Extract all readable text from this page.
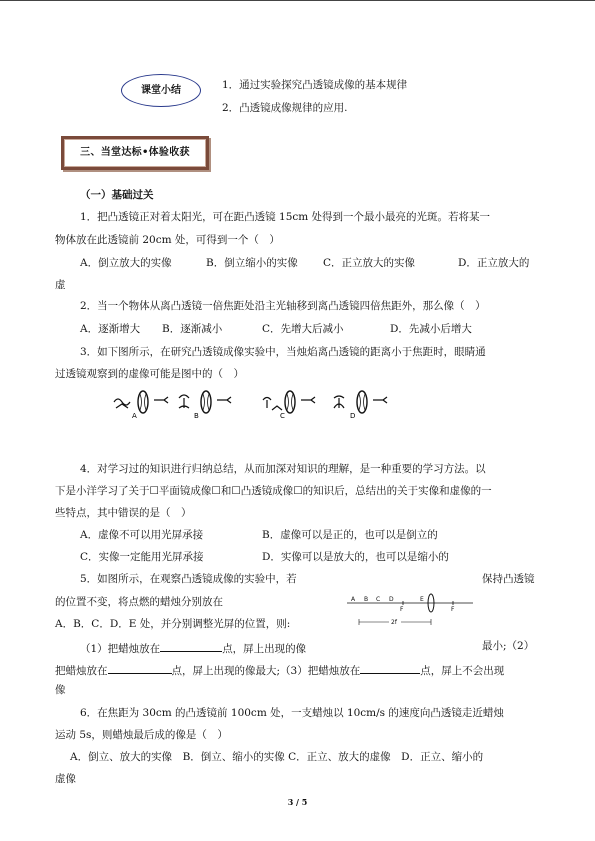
课堂小结	1．通过实验探究凸透镜成像的基本规律
2．凸透镜成像规律的应用.
三、当堂达标•体验收获
（一）基础过关
1．把凸透镜正对着太阳光，可在距凸透镜 15cm 处得到一个最小最亮的光斑。若将某一
物体放在此透镜前 20cm 处，可得到一个（　）
A．倒立放大的实像	B．倒立缩小的实像 C．正立放大的实像	D．正立放大的
虚
2．当一个物体从离凸透镜一倍焦距处沿主光轴移到离凸透镜四倍焦距外，那么像（　）
A．逐渐增大 B．逐渐减小	C．先增大后减小	D．先减小后增大
3．如下图所示，在研究凸透镜成像实验中，当烛焰离凸透镜的距离小于焦距时，眼睛通
过透镜观察到的虚像可能是图中的（　）
A	B	C	D
4．对学习过的知识进行归纳总结，从而加深对知识的理解，是一种重要的学习方法。以
下是小洋学习了关于☐平面镜成像☐和☐凸透镜成像☐的知识后，总结出的关于实像和虚像的一
些特点，其中错误的是（　）
A．虚像不可以用光屏承接	B．虚像可以是正的，也可以是倒立的
C．实像一定能用光屏承接	D．实像可以是放大的，也可以是缩小的
5．如图所示，在观察凸透镜成像的实验中，若	保持凸透镜
的位置不变，将点燃的蜡烛分别放在
A．B．C．D．E 处，并分别调整光屏的位置，则:
A B C D
F
E
F
2f
（1）把蜡烛放在	点，屏上出现的像	最小;（2）
把蜡烛放在	点，屏上出现的像最大;（3）把蜡烛放在	点，屏上不会出现
像
6．在焦距为 30cm 的凸透镜前 100cm 处，一支蜡烛以 10cm/s 的速度向凸透镜走近蜡烛
运动 5s，则蜡烛最后成的像是（　）
A．倒立、放大的实像　B．倒立、缩小的实像 C．正立、放大的虚像　D．正立、缩小的
虚像
3 / 5
